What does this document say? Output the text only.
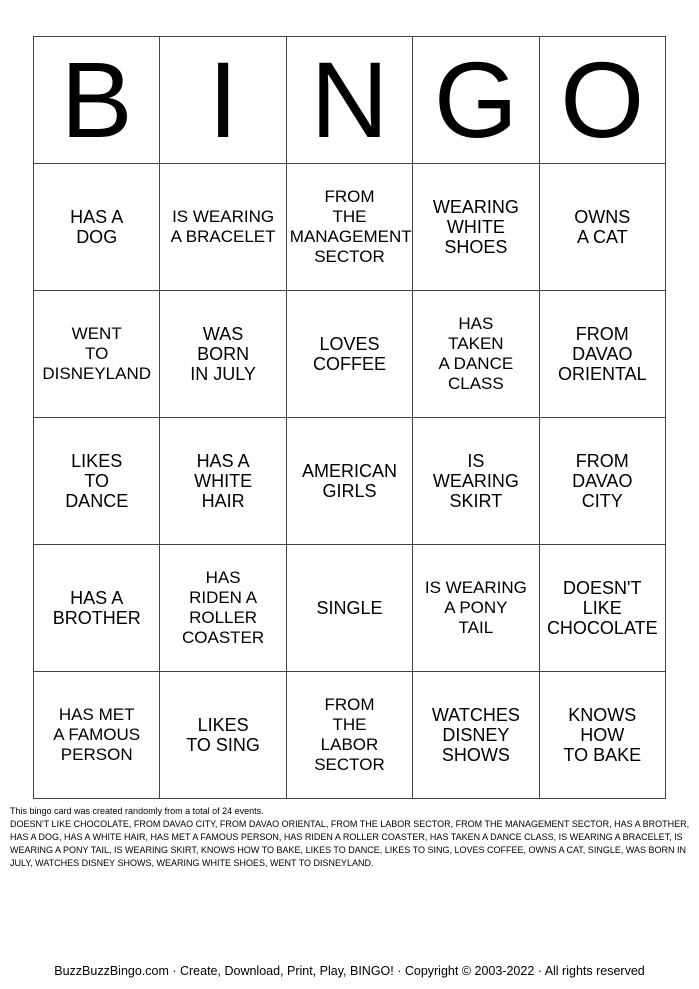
B	I	N	G	O

HAS A
DOG	IS WEARING
A BRACELET	FROM
THE
MANAGEMENT
SECTOR	WEARING
WHITE
SHOES	OWNS
A CAT

WENT
TO
DISNEYLAND	WAS
BORN
IN JULY	LOVES
COFFEE	HAS
TAKEN
A DANCE
CLASS	FROM
DAVAO
ORIENTAL

LIKES
TO
DANCE	HAS A
WHITE
HAIR	AMERICAN
GIRLS	IS
WEARING
SKIRT	FROM
DAVAO
CITY

HAS A
BROTHER	HAS
RIDEN A
ROLLER
COASTER	SINGLE	IS WEARING
A PONY
TAIL	DOESN'T
LIKE
CHOCOLATE

HAS MET
A FAMOUS
PERSON	LIKES
TO SING	FROM
THE
LABOR
SECTOR	WATCHES
DISNEY
SHOWS	KNOWS
HOW
TO BAKE

This bingo card was created randomly from a total of 24 events.

DOESN'T LIKE CHOCOLATE, FROM DAVAO CITY, FROM DAVAO ORIENTAL, FROM THE LABOR SECTOR, FROM THE MANAGEMENT SECTOR, HAS A BROTHER, HAS A DOG, HAS A WHITE HAIR, HAS MET A FAMOUS PERSON, HAS RIDEN A ROLLER COASTER, HAS TAKEN A DANCE CLASS, IS WEARING A BRACELET, IS WEARING A PONY TAIL, IS WEARING SKIRT, KNOWS HOW TO BAKE, LIKES TO DANCE, LIKES TO SING, LOVES COFFEE, OWNS A CAT, SINGLE, WAS BORN IN JULY, WATCHES DISNEY SHOWS, WEARING WHITE SHOES, WENT TO DISNEYLAND.

BuzzBuzzBingo.com · Create, Download, Print, Play, BINGO! · Copyright © 2003-2022 · All rights reserved
